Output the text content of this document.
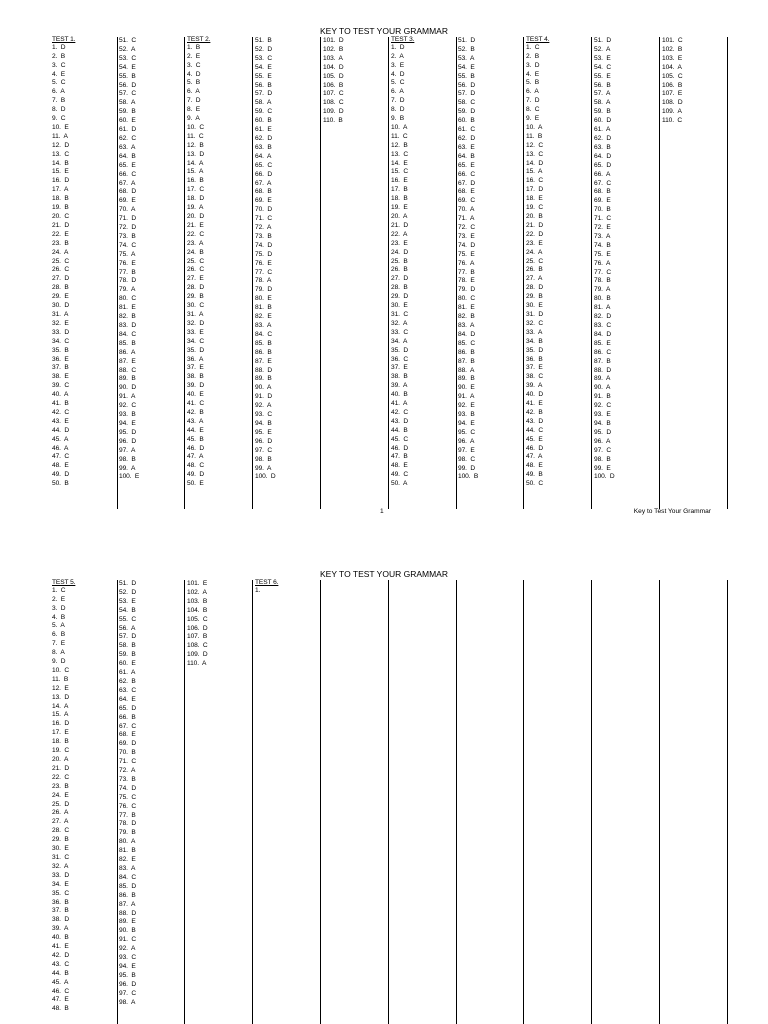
KEY TO TEST YOUR GRAMMAR
TEST 1.
1.  D
2.  B
3.  C
4.  E
5.  C
6.  A
7.  B
8.  D
9.  C
10.  E
11.  A
12.  D
13.  C
14.  B
15.  E
16.  D
17.  A
18.  B
19.  B
20.  C
21.  D
22.  E
23.  B
24.  A
25.  C
26.  C
27.  D
28.  B
29.  E
30.  D
31.  A
32.  E
33.  D
34.  C
35.  B
36.  E
37.  B
38.  E
39.  C
40.  A
41.  B
42.  C
43.  E
44.  D
45.  A
46.  A
47.  C
48.  E
49.  D
50.  B
51.  C
52.  A
53.  C
54.  E
55.  B
56.  D
57.  C
58.  A
59.  B
60.  E
61.  D
62.  C
63.  A
64.  B
65.  E
66.  C
67.  A
68.  D
69.  E
70.  A
71.  D
72.  D
73.  B
74.  C
75.  A
76.  E
77.  B
78.  D
79.  A
80.  C
81.  E
82.  B
83.  D
84.  C
85.  B
86.  A
87.  E
88.  C
89.  B
90.  D
91.  A
92.  C
93.  B
94.  E
95.  D
96.  D
97.  A
98.  B
99.  A
100.  E
TEST 2.
1.  B
2.  E
3.  C
4.  D
5.  B
6.  A
7.  D
8.  E
9.  A
10.  C
11.  C
12.  B
13.  D
14.  A
15.  A
16.  B
17.  C
18.  D
19.  A
20.  D
21.  E
22.  C
23.  A
24.  B
25.  C
26.  C
27.  E
28.  D
29.  B
30.  C
31.  A
32.  D
33.  E
34.  C
35.  D
36.  A
37.  E
38.  B
39.  D
40.  E
41.  C
42.  B
43.  A
44.  E
45.  B
46.  D
47.  A
48.  C
49.  D
50.  E
51.  B
52.  D
53.  C
54.  E
55.  E
56.  B
57.  D
58.  A
59.  C
60.  B
61.  E
62.  D
63.  B
64.  A
65.  C
66.  D
67.  A
68.  B
69.  E
70.  D
71.  C
72.  A
73.  B
74.  D
75.  D
76.  E
77.  C
78.  A
79.  D
80.  E
81.  B
82.  E
83.  A
84.  C
85.  B
86.  B
87.  E
88.  D
89.  B
90.  A
91.  D
92.  A
93.  C
94.  B
95.  E
96.  D
97.  C
98.  B
99.  A
100.  D
101.  D
102.  B
103.  A
104.  D
105.  D
106.  B
107.  C
108.  C
109.  D
110.  B
TEST 3.
1.  D
2.  A
3.  E
4.  D
5.  C
6.  A
7.  D
8.  D
9.  B
10.  A
11.  C
12.  B
13.  C
14.  E
15.  C
16.  E
17.  B
18.  B
19.  E
20.  A
21.  D
22.  A
23.  E
24.  D
25.  B
26.  B
27.  D
28.  B
29.  D
30.  E
31.  C
32.  A
33.  C
34.  A
35.  D
36.  C
37.  E
38.  B
39.  A
40.  B
41.  A
42.  C
43.  D
44.  B
45.  C
46.  D
47.  B
48.  E
49.  C
50.  A
51.  D
52.  B
53.  A
54.  E
55.  B
56.  D
57.  D
58.  C
59.  D
60.  B
61.  C
62.  D
63.  E
64.  B
65.  E
66.  C
67.  D
68.  E
69.  C
70.  A
71.  A
72.  C
73.  E
74.  D
75.  E
76.  A
77.  B
78.  E
79.  D
80.  C
81.  E
82.  B
83.  A
84.  D
85.  C
86.  B
87.  B
88.  A
89.  B
90.  E
91.  A
92.  E
93.  B
94.  E
95.  C
96.  A
97.  E
98.  C
99.  D
100.  B
TEST 4.
1.  C
2.  B
3.  D
4.  E
5.  B
6.  A
7.  D
8.  C
9.  E
10.  A
11.  B
12.  C
13.  C
14.  D
15.  A
16.  C
17.  D
18.  E
19.  C
20.  B
21.  D
22.  D
23.  E
24.  A
25.  C
26.  B
27.  A
28.  D
29.  B
30.  E
31.  D
32.  C
33.  A
34.  B
35.  D
36.  B
37.  E
38.  C
39.  A
40.  D
41.  E
42.  B
43.  D
44.  C
45.  E
46.  D
47.  A
48.  E
49.  B
50.  C
51.  D
52.  A
53.  E
54.  C
55.  E
56.  B
57.  A
58.  A
59.  B
60.  D
61.  A
62.  D
63.  B
64.  D
65.  D
66.  A
67.  C
68.  B
69.  E
70.  B
71.  C
72.  E
73.  A
74.  B
75.  E
76.  A
77.  C
78.  B
79.  A
80.  B
81.  A
82.  D
83.  C
84.  D
85.  E
86.  C
87.  B
88.  D
89.  A
90.  A
91.  B
92.  C
93.  E
94.  B
95.  D
96.  A
97.  C
98.  B
99.  E
100.  D
101.  C
102.  B
103.  E
104.  A
105.  C
106.  B
107.  E
108.  D
109.  A
110.  C
1	Key to Test Your Grammar
KEY TO TEST YOUR GRAMMAR
TEST 5.
1.  C
2.  E
3.  D
4.  B
5.  A
6.  B
7.  E
8.  A
9.  D
10.  C
11.  B
12.  E
13.  D
14.  A
15.  A
16.  D
17.  E
18.  B
19.  C
20.  A
21.  D
22.  C
23.  B
24.  E
25.  D
26.  A
27.  A
28.  C
29.  B
30.  E
31.  C
32.  A
33.  D
34.  E
35.  C
36.  B
37.  B
38.  D
39.  A
40.  B
41.  E
42.  D
43.  C
44.  B
45.  A
46.  C
47.  E
48.  B
51.  D
52.  D
53.  E
54.  B
55.  C
56.  A
57.  D
58.  B
59.  B
60.  E
61.  A
62.  B
63.  C
64.  E
65.  D
66.  B
67.  C
68.  E
69.  D
70.  B
71.  C
72.  A
73.  B
74.  D
75.  C
76.  C
77.  B
78.  D
79.  B
80.  A
81.  B
82.  E
83.  A
84.  C
85.  D
86.  B
87.  A
88.  D
89.  E
90.  B
91.  C
92.  A
93.  C
94.  E
95.  B
96.  D
97.  C
98.  A
101.  E
102.  A
103.  B
104.  B
105.  C
106.  D
107.  B
108.  C
109.  D
110.  A
TEST 6.
1.
